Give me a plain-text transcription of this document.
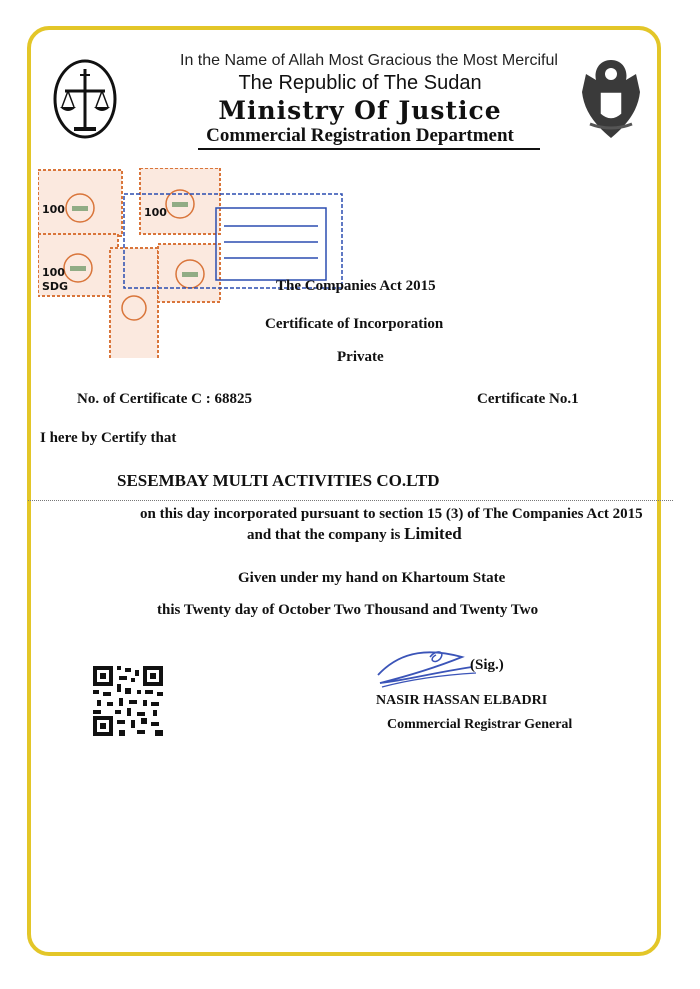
In the Name of Allah Most Gracious the Most Merciful
The Republic of The Sudan
Ministry Of Justice
Commercial Registration Department
100	100
100
SDG	The Companies Act 2015
Certificate of Incorporation
Private
No. of Certificate C : 68825	Certificate No.1
I here by Certify that
SESEMBAY MULTI ACTIVITIES CO.LTD
on this day incorporated pursuant to section 15 (3) of The Companies Act 2015
and that the company is Limited
Given under my hand on Khartoum State
this Twenty day of October Two Thousand and Twenty Two
(Sig.)
NASIR HASSAN ELBADRI
Commercial Registrar General
